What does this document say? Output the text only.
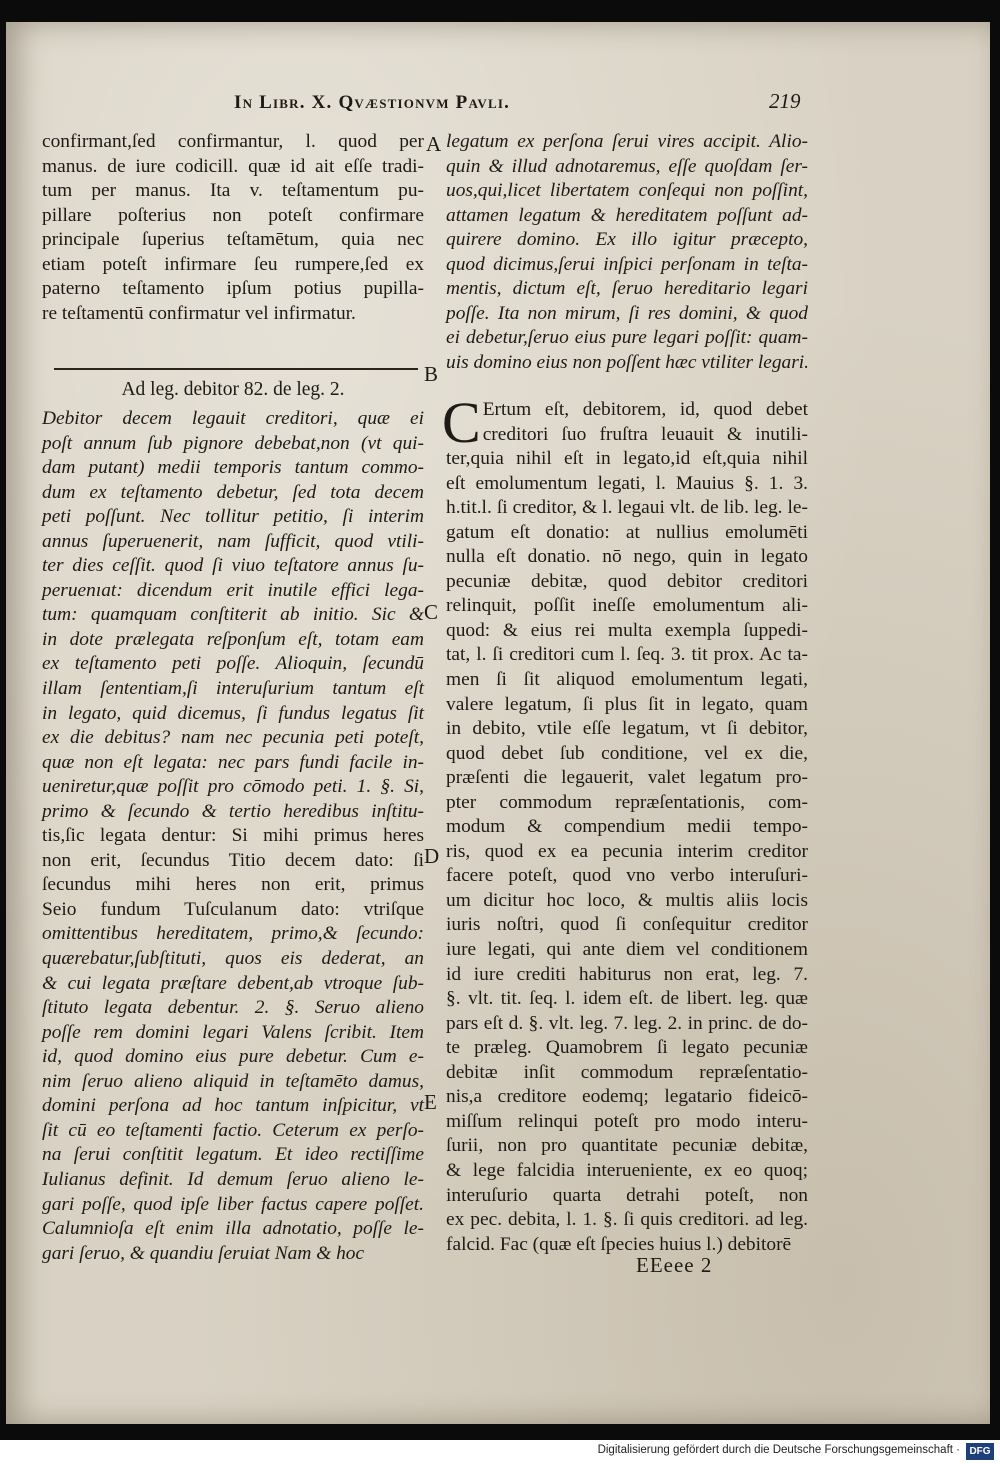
In Libr. X. Qvæstionvm Pavli.	219
confirmant,ſed confirmantur, l. quod per
manus. de iure codicill. quæ id ait eſſe tradi-
tum per manus. Ita v. teſtamentum pu-
pillare poſterius non poteſt confirmare
principale ſuperius teſtamētum, quia nec
etiam poteſt infirmare ſeu rumpere,ſed ex
paterno teſtamento ipſum potius pupilla-
re teſtamentū confirmatur vel infirmatur.
Ad leg. debitor 82. de leg. 2.
Debitor decem legauit creditori, quæ ei
poſt annum ſub pignore debebat,non (vt qui-
dam putant) medii temporis tantum commo-
dum ex teſtamento debetur, ſed tota decem
peti poſſunt. Nec tollitur petitio, ſi interim
annus ſuperuenerit, nam ſufficit, quod vtili-
ter dies ceſſit. quod ſi viuo teſtatore annus ſu-
peruenıat: dicendum erit inutile effici lega-
tum: quamquam conſtiterit ab initio. Sic &
in dote prælegata reſponſum eſt, totam eam
ex teſtamento peti poſſe. Alioquin, ſecundū
illam ſententiam,ſi interuſurium tantum eſt
in legato, quid dicemus, ſi fundus legatus ſit
ex die debitus? nam nec pecunia peti poteſt,
quæ non eſt legata: nec pars fundi facile in-
ueniretur,quæ poſſit pro cōmodo peti. 1. §. Si,
primo & ſecundo & tertio heredibus inſtitu-
tis,ſic legata dentur: Si mihi primus heres
non erit, ſecundus Titio decem dato: ſi
ſecundus mihi heres non erit, primus
Seio fundum Tuſculanum dato: vtriſque
omittentibus hereditatem, primo,& ſecundo:
quærebatur,ſubſtituti, quos eis dederat, an
& cui legata præſtare debent,ab vtroque ſub-
ſtituto legata debentur. 2. §. Seruo alieno
poſſe rem domini legari Valens ſcribit. Item
id, quod domino eius pure debetur. Cum e-
nim ſeruo alieno aliquid in teſtamēto damus,
domini perſona ad hoc tantum inſpicitur, vt
ſit cū eo teſtamenti factio. Ceterum ex perſo-
na ſerui conſtitit legatum. Et ideo rectiſſime
Iulianus definit. Id demum ſeruo alieno le-
gari poſſe, quod ipſe liber factus capere poſſet.
Calumnioſa eſt enim illa adnotatio, poſſe le-
gari ſeruo, & quandiu ſeruiat Nam & hoc
legatum ex perſona ſerui vires accipit. Alio-
quin & illud adnotaremus, eſſe quoſdam ſer-
uos,qui,licet libertatem conſequi non poſſint,
attamen legatum & hereditatem poſſunt ad-
quirere domino. Ex illo igitur præcepto,
quod dicimus,ſerui inſpici perſonam in teſta-
mentis, dictum eſt, ſeruo hereditario legari
poſſe. Ita non mirum, ſi res domini, & quod
ei debetur,ſeruo eius pure legari poſſit: quam-
uis domino eius non poſſent hæc vtiliter legari.
C Ertum eſt, debitorem, id, quod debet
creditori ſuo fruſtra leuauit & inutili-
ter,quia nihil eſt in legato,id eſt,quia nihil
eſt emolumentum legati, l. Mauius §. 1. 3.
h.tit.l. ſi creditor, & l. legaui vlt. de lib. leg. le-
gatum eſt donatio: at nullius emolumēti
nulla eſt donatio. nō nego, quin in legato
pecuniæ debitæ, quod debitor creditori
relinquit, poſſit ineſſe emolumentum ali-
quod: & eius rei multa exempla ſuppedi-
tat, l. ſi creditori cum l. ſeq. 3. tit prox. Ac ta-
men ſi ſit aliquod emolumentum legati,
valere legatum, ſi plus ſit in legato, quam
in debito, vtile eſſe legatum, vt ſi debitor,
quod debet ſub conditione, vel ex die,
præſenti die legauerit, valet legatum pro-
pter commodum repræſentationis, com-
modum & compendium medii tempo-
ris, quod ex ea pecunia interim creditor
facere poteſt, quod vno verbo interuſuri-
um dicitur hoc loco, & multis aliis locis
iuris noſtri, quod ſi conſequitur creditor
iure legati, qui ante diem vel conditionem
id iure crediti habiturus non erat, leg. 7.
§. vlt. tit. ſeq. l. idem eſt. de libert. leg. quæ
pars eſt d. §. vlt. leg. 7. leg. 2. in princ. de do-
te præleg. Quamobrem ſi legato pecuniæ
debitæ inſit commodum repræſentatio-
nis,a creditore eodemq; legatario fideicō-
miſſum relinqui poteſt pro modo interu-
ſurii, non pro quantitate pecuniæ debitæ,
& lege falcidia interueniente, ex eo quoq;
interuſurio quarta detrahi poteſt, non
ex pec. debita, l. 1. §. ſi quis creditori. ad leg.
falcid. Fac (quæ eſt ſpecies huius l.) debitorē
A
B
C
D
E
EEeee 2
Digitalisierung gefördert durch die Deutsche Forschungsgemeinschaft · DFG
